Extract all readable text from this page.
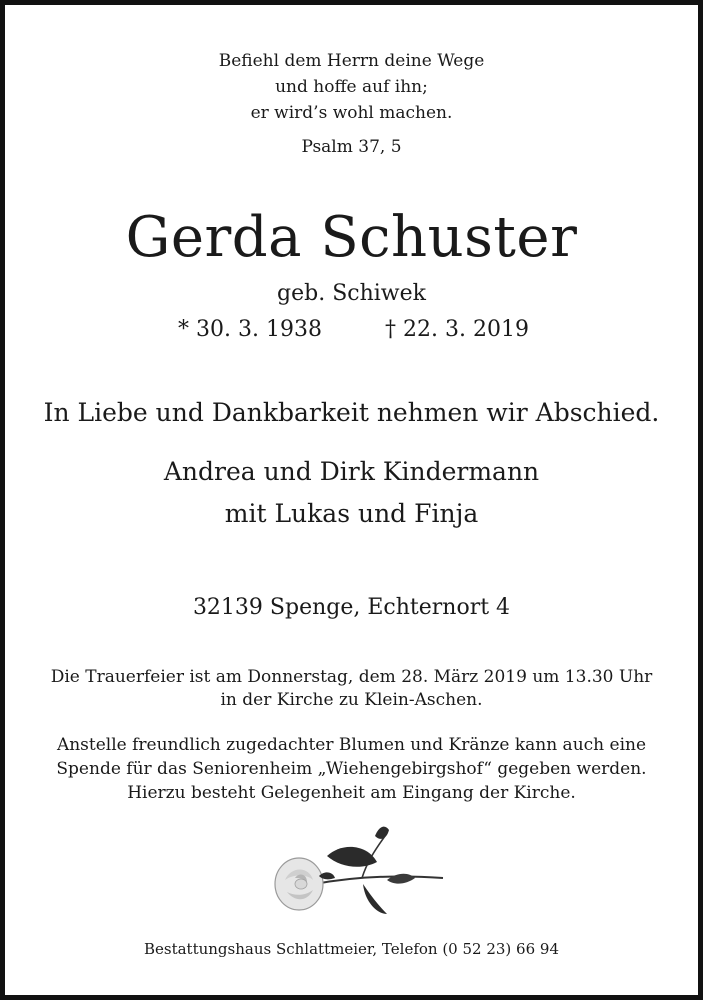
Befiehl dem Herrn deine Wege
und hoffe auf ihn;
er wird’s wohl machen.
Psalm 37, 5
Gerda Schuster
geb. Schiwek
* 30. 3. 1938	† 22. 3. 2019
In Liebe und Dankbarkeit nehmen wir Abschied.
Andrea und Dirk Kindermann
mit Lukas und Finja
32139 Spenge, Echternort 4
Die Trauerfeier ist am Donnerstag, dem 28. März 2019 um 13.30 Uhr
in der Kirche zu Klein-Aschen.
Anstelle freundlich zugedachter Blumen und Kränze kann auch eine
Spende für das Seniorenheim „Wiehengebirgshof“ gegeben werden.
Hierzu besteht Gelegenheit am Eingang der Kirche.
Bestattungshaus Schlattmeier, Telefon (0 52 23) 66 94
